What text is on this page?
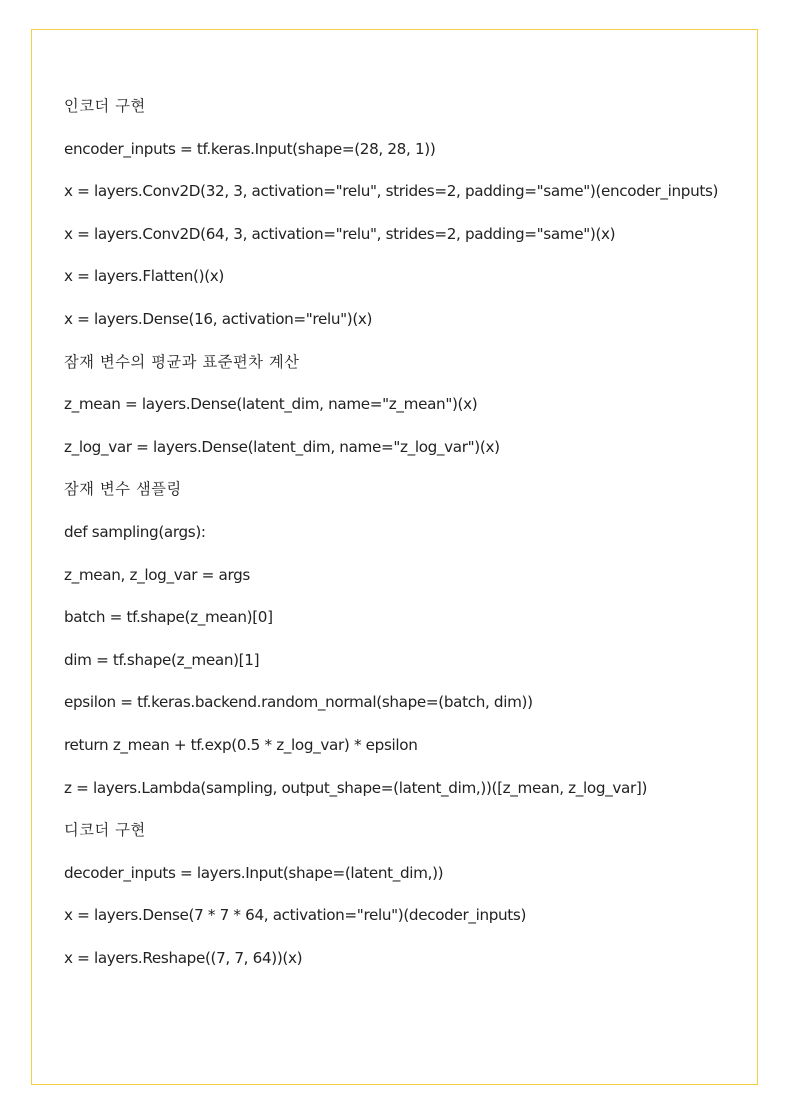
인코더 구현
encoder_inputs = tf.keras.Input(shape=(28, 28, 1))
x = layers.Conv2D(32, 3, activation="relu", strides=2, padding="same")(encoder_inputs)
x = layers.Conv2D(64, 3, activation="relu", strides=2, padding="same")(x)
x = layers.Flatten()(x)
x = layers.Dense(16, activation="relu")(x)
잠재 변수의 평균과 표준편차 계산
z_mean = layers.Dense(latent_dim, name="z_mean")(x)
z_log_var = layers.Dense(latent_dim, name="z_log_var")(x)
잠재 변수 샘플링
def sampling(args):
z_mean, z_log_var = args
batch = tf.shape(z_mean)[0]
dim = tf.shape(z_mean)[1]
epsilon = tf.keras.backend.random_normal(shape=(batch, dim))
return z_mean + tf.exp(0.5 * z_log_var) * epsilon
z = layers.Lambda(sampling, output_shape=(latent_dim,))([z_mean, z_log_var])
디코더 구현
decoder_inputs = layers.Input(shape=(latent_dim,))
x = layers.Dense(7 * 7 * 64, activation="relu")(decoder_inputs)
x = layers.Reshape((7, 7, 64))(x)
